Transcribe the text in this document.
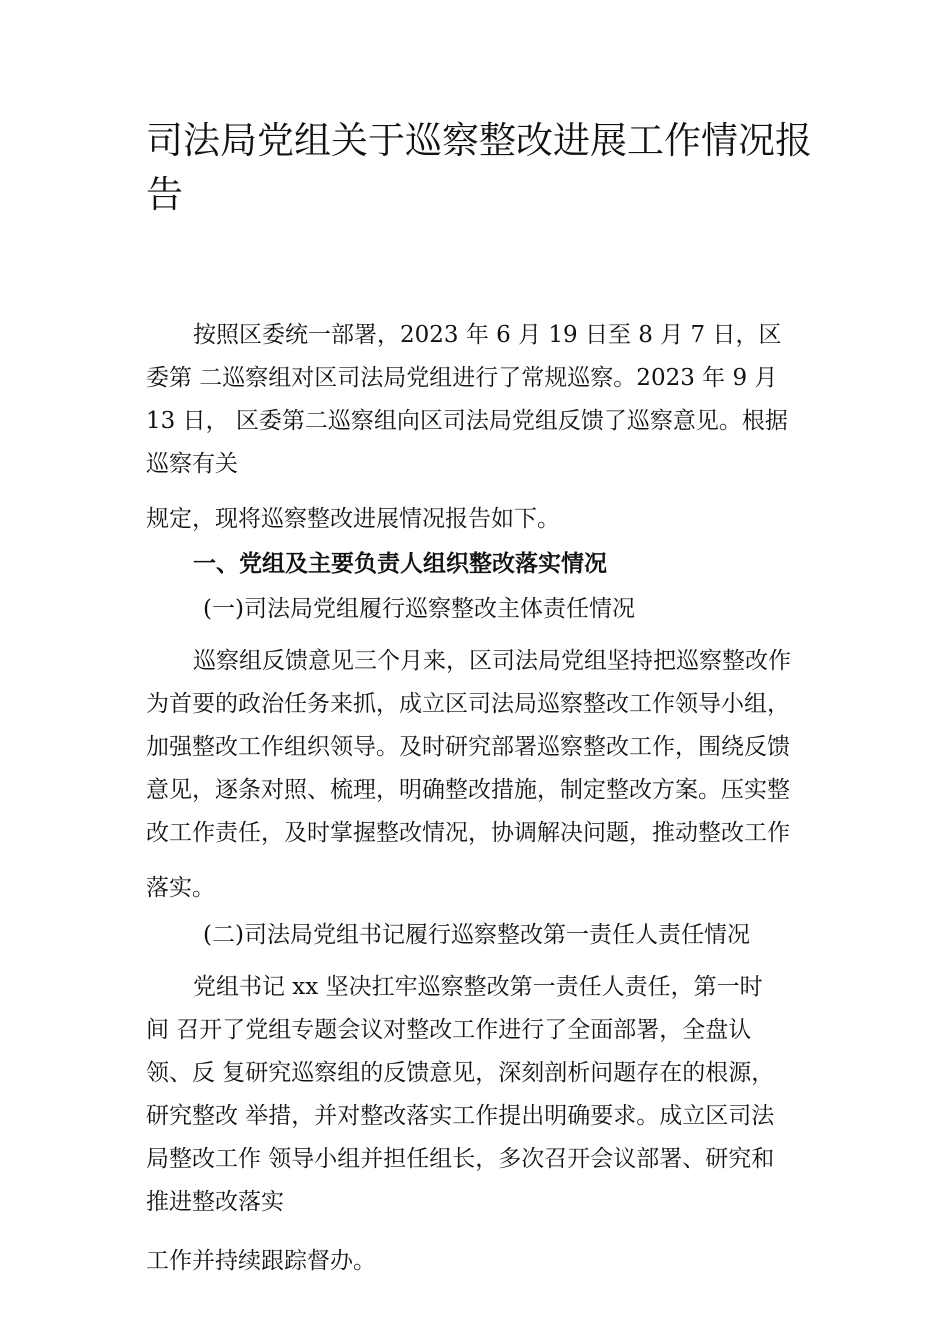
司法局党组关于巡察整改进展工作情况报
告

按照区委统一部署，2023 年 6 月 19 日至 8 月 7 日，区
委第 二巡察组对区司法局党组进行了常规巡察。2023 年 9 月
13 日， 区委第二巡察组向区司法局党组反馈了巡察意见。根据
巡察有关

规定，现将巡察整改进展情况报告如下。

一、党组及主要负责人组织整改落实情况

(一)司法局党组履行巡察整改主体责任情况

巡察组反馈意见三个月来，区司法局党组坚持把巡察整改作
为首要的政治任务来抓，成立区司法局巡察整改工作领导小组，
加强整改工作组织领导。及时研究部署巡察整改工作，围绕反馈
意见，逐条对照、梳理，明确整改措施，制定整改方案。压实整
改工作责任，及时掌握整改情况，协调解决问题，推动整改工作

落实。

(二)司法局党组书记履行巡察整改第一责任人责任情况

党组书记 xx 坚决扛牢巡察整改第一责任人责任，第一时
间 召开了党组专题会议对整改工作进行了全面部署，全盘认
领、反 复研究巡察组的反馈意见，深刻剖析问题存在的根源，
研究整改 举措，并对整改落实工作提出明确要求。成立区司法
局整改工作 领导小组并担任组长，多次召开会议部署、研究和
推进整改落实

工作并持续跟踪督办。
